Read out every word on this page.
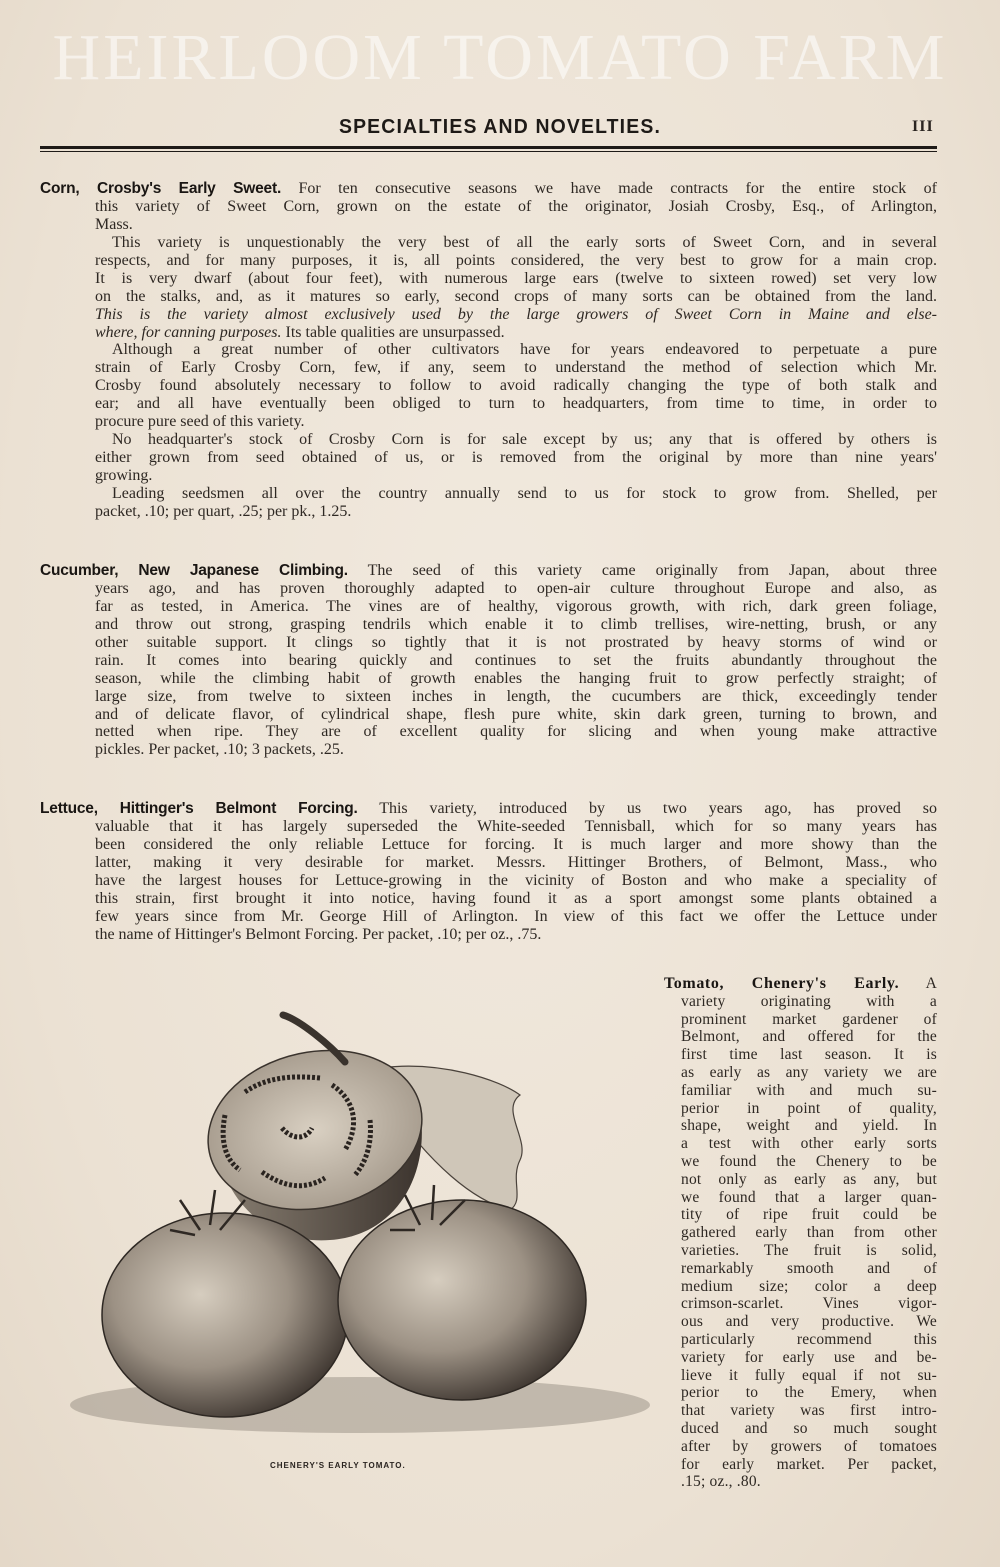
HEIRLOOM TOMATO FARM
SPECIALTIES AND NOVELTIES.	III
Corn, Crosby's Early Sweet. For ten consecutive seasons we have made contracts for the entire stock of
this variety of Sweet Corn, grown on the estate of the originator, Josiah Crosby, Esq., of Arlington,
Mass.
This variety is unquestionably the very best of all the early sorts of Sweet Corn, and in several
respects, and for many purposes, it is, all points considered, the very best to grow for a main crop.
It is very dwarf (about four feet), with numerous large ears (twelve to sixteen rowed) set very low
on the stalks, and, as it matures so early, second crops of many sorts can be obtained from the land.
This is the variety almost exclusively used by the large growers of Sweet Corn in Maine and else-
where, for canning purposes. Its table qualities are unsurpassed.
Although a great number of other cultivators have for years endeavored to perpetuate a pure
strain of Early Crosby Corn, few, if any, seem to understand the method of selection which Mr.
Crosby found absolutely necessary to follow to avoid radically changing the type of both stalk and
ear; and all have eventually been obliged to turn to headquarters, from time to time, in order to
procure pure seed of this variety.
No headquarter's stock of Crosby Corn is for sale except by us; any that is offered by others is
either grown from seed obtained of us, or is removed from the original by more than nine years'
growing.
Leading seedsmen all over the country annually send to us for stock to grow from. Shelled, per
packet, .10; per quart, .25; per pk., 1.25.
Cucumber, New Japanese Climbing. The seed of this variety came originally from Japan, about three
years ago, and has proven thoroughly adapted to open-air culture throughout Europe and also, as
far as tested, in America. The vines are of healthy, vigorous growth, with rich, dark green foliage,
and throw out strong, grasping tendrils which enable it to climb trellises, wire-netting, brush, or any
other suitable support. It clings so tightly that it is not prostrated by heavy storms of wind or
rain. It comes into bearing quickly and continues to set the fruits abundantly throughout the
season, while the climbing habit of growth enables the hanging fruit to grow perfectly straight; of
large size, from twelve to sixteen inches in length, the cucumbers are thick, exceedingly tender
and of delicate flavor, of cylindrical shape, flesh pure white, skin dark green, turning to brown, and
netted when ripe. They are of excellent quality for slicing and when young make attractive
pickles. Per packet, .10; 3 packets, .25.
Lettuce, Hittinger's Belmont Forcing. This variety, introduced by us two years ago, has proved so
valuable that it has largely superseded the White-seeded Tennisball, which for so many years has
been considered the only reliable Lettuce for forcing. It is much larger and more showy than the
latter, making it very desirable for market. Messrs. Hittinger Brothers, of Belmont, Mass., who
have the largest houses for Lettuce-growing in the vicinity of Boston and who make a speciality of
this strain, first brought it into notice, having found it as a sport amongst some plants obtained a
few years since from Mr. George Hill of Arlington. In view of this fact we offer the Lettuce under
the name of Hittinger's Belmont Forcing. Per packet, .10; per oz., .75.
Tomato, Chenery's Early. A
variety originating with a
prominent market gardener of
Belmont, and offered for the
first time last season. It is
as early as any variety we are
familiar with and much su-
perior in point of quality,
shape, weight and yield. In
a test with other early sorts
we found the Chenery to be
not only as early as any, but
we found that a larger quan-
tity of ripe fruit could be
gathered early than from other
varieties. The fruit is solid,
remarkably smooth and of
medium size; color a deep
crimson-scarlet. Vines vigor-
ous and very productive. We
particularly recommend this
variety for early use and be-
lieve it fully equal if not su-
perior to the Emery, when
that variety was first intro-
duced and so much sought
after by growers of tomatoes
for early market. Per packet,
.15; oz., .80.
CHENERY'S EARLY TOMATO.
